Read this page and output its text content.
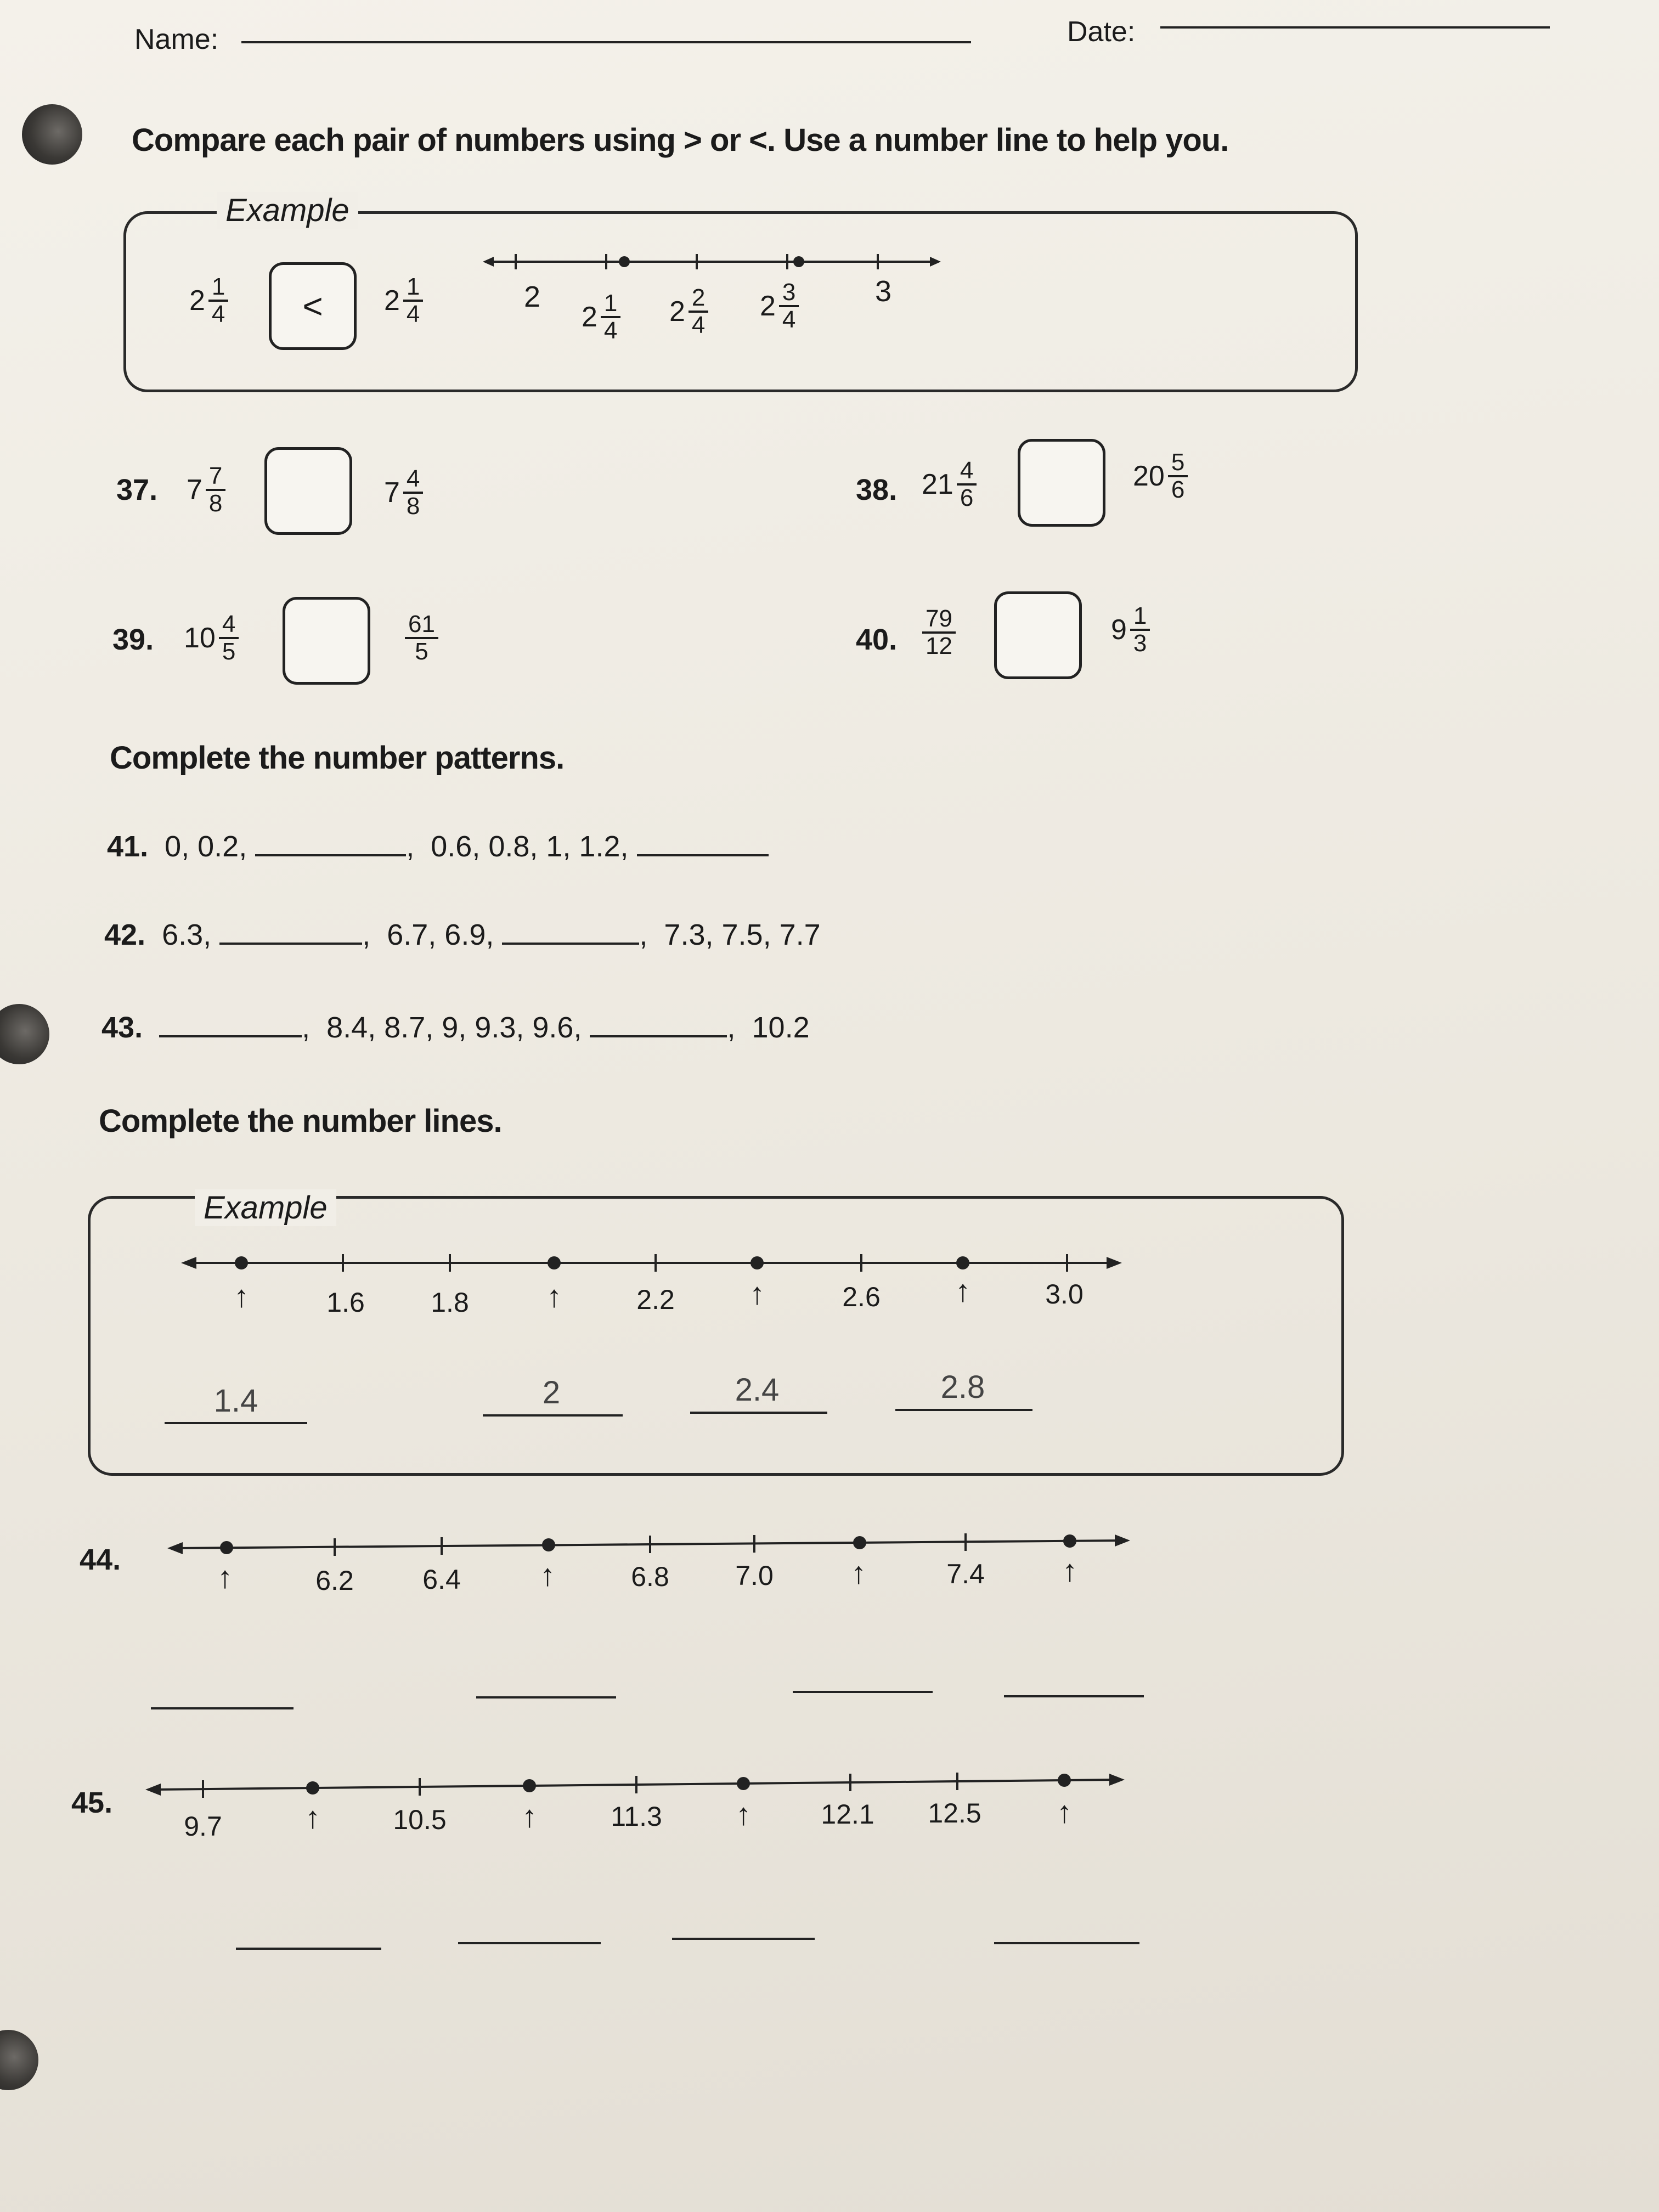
Name:	Date:
Compare each pair of numbers using > or <. Use a number line to help you.
Example
2 1
4 < 2 1
4
2
2 1
4
2 2
4
2 3
4
3
37. 7 7
8	7 4
8	38. 21 4
6
20 5
6
39. 10 4
5
61
5	40.
79
12
9 1
3
Complete the number patterns.
41. 0, 0.2,	, 0.6, 0.8, 1, 1.2,
42. 6.3,	, 6.7, 6.9,	, 7.3, 7.5, 7.7
43.	, 8.4, 8.7, 9, 9.3, 9.6,	, 10.2
Complete the number lines.
Example
↑	↑	↑	↑
1.6 1.8	2.2	2.6	3.0
1.4	2	2.4	2.8
44.	↑	↑	↑	↑
6.2	6.4	6.8 7.0	7.4
45.	↑	↑	↑	↑
9.7	10.5	11.3	12.1 12.5
